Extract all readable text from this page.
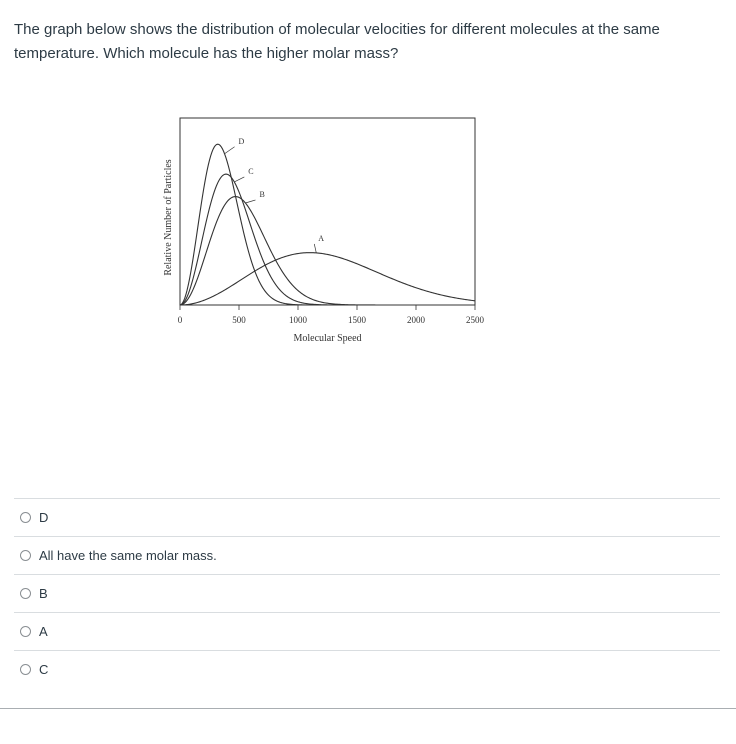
The graph below shows the distribution of molecular velocities for different molecules at the same temperature. Which molecule has the higher molar mass?
0	500	1000	1500	2000	2500
Molecular Speed
Relative Number of Particles
D
C
B
A
D
All have the same molar mass.
B
A
C
